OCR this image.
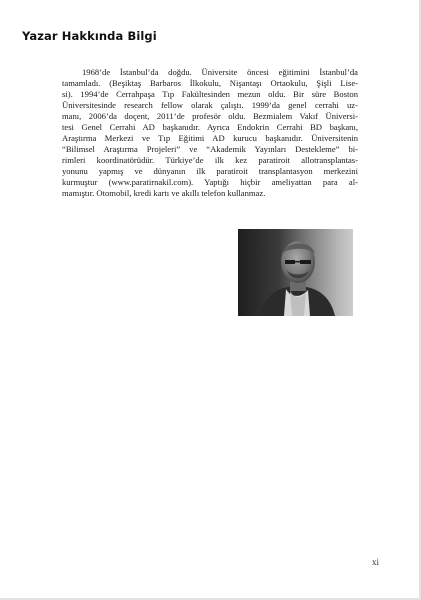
Yazar Hakkında Bilgi
1968’de İstanbul’da doğdu. Üniversite öncesi eğitimini İstanbul’da
tamamladı. (Beşiktaş Barbaros İlkokulu, Nişantaşı Ortaokulu, Şişli Lise-
si). 1994’de Cerrahpaşa Tıp Fakültesinden mezun oldu. Bir süre Boston
Üniversitesinde research fellow olarak çalıştı. 1999’da genel cerrahi uz-
manı, 2006’da doçent, 2011’de profesör oldu. Bezmialem Vakıf Üniversi-
tesi Genel Cerrahi AD başkanıdır. Ayrıca Endokrin Cerrahi BD başkanı,
Araştırma Merkezi ve Tıp Eğitimi AD kurucu başkanıdır. Üniversitenin
“Bilimsel Araştırma Projeleri” ve “Akademik Yayınları Destekleme” bi-
rimleri koordinatörüdür. Türkiye’de ilk kez paratiroit allotransplantas-
yonunu yapmış ve dünyanın ilk paratiroit transplantasyon merkezini
kurmuştur (www.paratirnakil.com). Yaptığı hiçbir ameliyattan para al-
mamıştır. Otomobil, kredi kartı ve akıllı telefon kullanmaz.
xi
